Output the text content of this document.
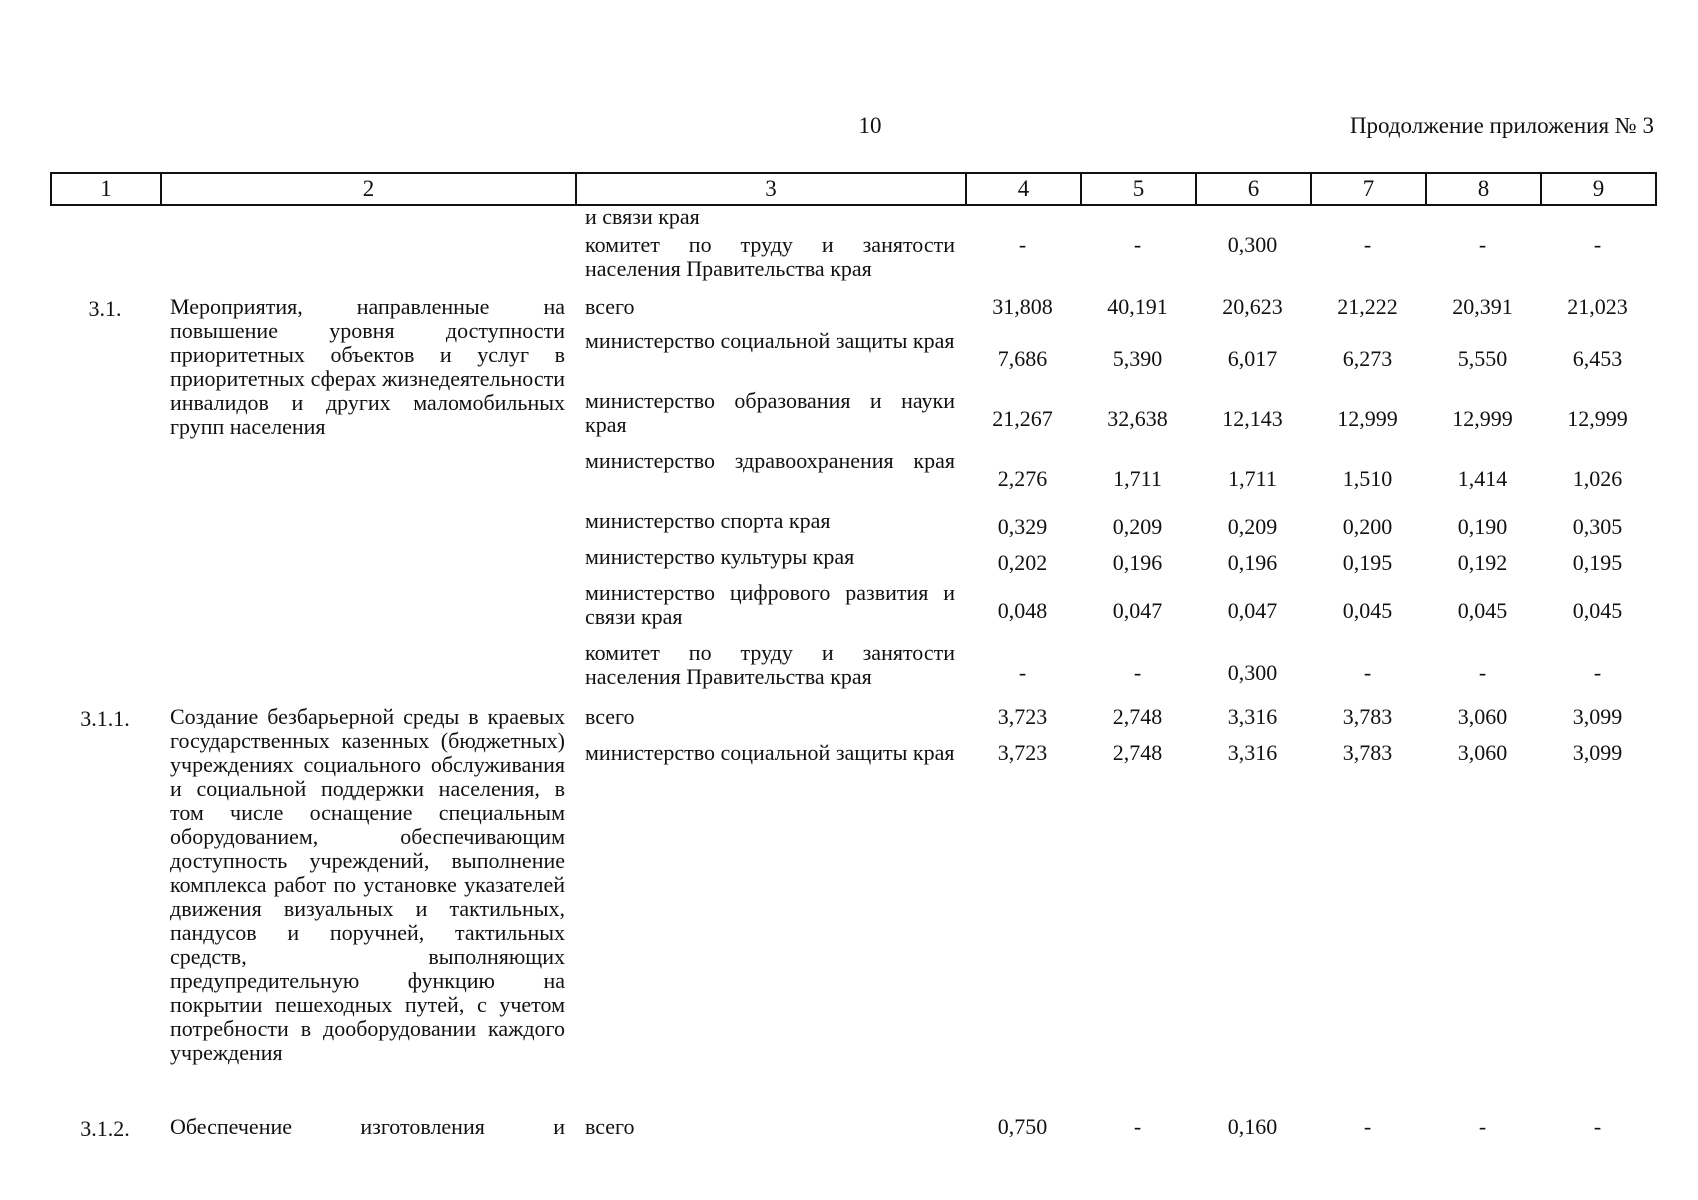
10	Продолжение приложения № 3
1	2	3	4	5	6	7	8	9
		и связи края						
		комитет по труду и занятости населения Правительства края	-	-	0,300	-	-	-
3.1.	Мероприятия, направленные на повышение уровня доступности приоритетных объектов и услуг в приоритетных сферах жизнедеятельности инвалидов и других маломобильных групп населения	всего	31,808	40,191	20,623	21,222	20,391	21,023
		министерство социальной защиты края	7,686	5,390	6,017	6,273	5,550	6,453
		министерство образования и науки края	21,267	32,638	12,143	12,999	12,999	12,999
		министерство здравоохранения края	2,276	1,711	1,711	1,510	1,414	1,026
		министерство спорта края	0,329	0,209	0,209	0,200	0,190	0,305
		министерство культуры края	0,202	0,196	0,196	0,195	0,192	0,195
		министерство цифрового развития и связи края	0,048	0,047	0,047	0,045	0,045	0,045
		комитет по труду и занятости населения Правительства края	-	-	0,300	-	-	-
3.1.1.	Создание безбарьерной среды в краевых государственных казенных (бюджетных) учреждениях социального обслуживания и социальной поддержки населения, в том числе оснащение специальным оборудованием, обеспечивающим доступность учреждений, выполнение комплекса работ по установке указателей движения визуальных и тактильных, пандусов и поручней, тактильных средств, выполняющих предупредительную функцию на покрытии пешеходных путей, с учетом потребности в дооборудовании каждого учреждения	всего	3,723	2,748	3,316	3,783	3,060	3,099
		министерство социальной защиты края	3,723	2,748	3,316	3,783	3,060	3,099
3.1.2.	Обеспечение изготовления и	всего	0,750	-	0,160	-	-	-
